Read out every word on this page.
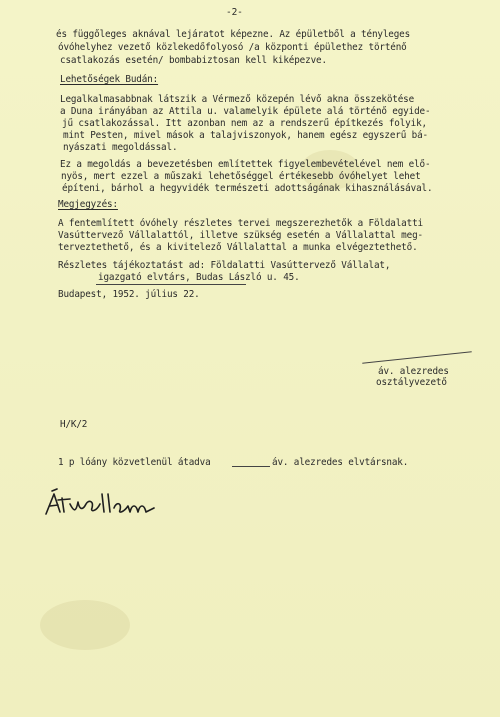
-2-
és függőleges aknával lejáratot képezne. Az épületből a tényleges
óvóhelyhez vezető közlekedőfolyosó /a központi épülethez történő
csatlakozás esetén/ bombabiztosan kell kiképezve.
Lehetőségek Budán:
Legalkalmasabbnak látszik a Vérmező közepén lévő akna összekötése
a Duna irányában az Attila u. valamelyik épülete alá történő egyide-
jű csatlakozással. Itt azonban nem az a rendszerű építkezés folyik,
mint Pesten, mivel mások a talajviszonyok, hanem egész egyszerű bá-
nyászati megoldással.
Ez a megoldás a bevezetésben említettek figyelembevételével nem elő-
nyös, mert ezzel a műszaki lehetőséggel értékesebb óvóhelyet lehet
építeni, bárhol a hegyvidék természeti adottságának kihasználásával.
Megjegyzés:
A fentemlített óvóhely részletes tervei megszerezhetők a Földalatti
Vasúttervező Vállalattól, illetve szükség esetén a Vállalattal meg-
terveztethető, és a kivitelező Vállalattal a munka elvégeztethető.
Részletes tájékoztatást ad: Földalatti Vasúttervező Vállalat,
igazgató elvtárs, Budas László u. 45.
Budapest, 1952. július 22.
áv. alezredes
osztályvezető
H/K/2
1 p lóány közvetlenül átadva	áv. alezredes elvtársnak.
